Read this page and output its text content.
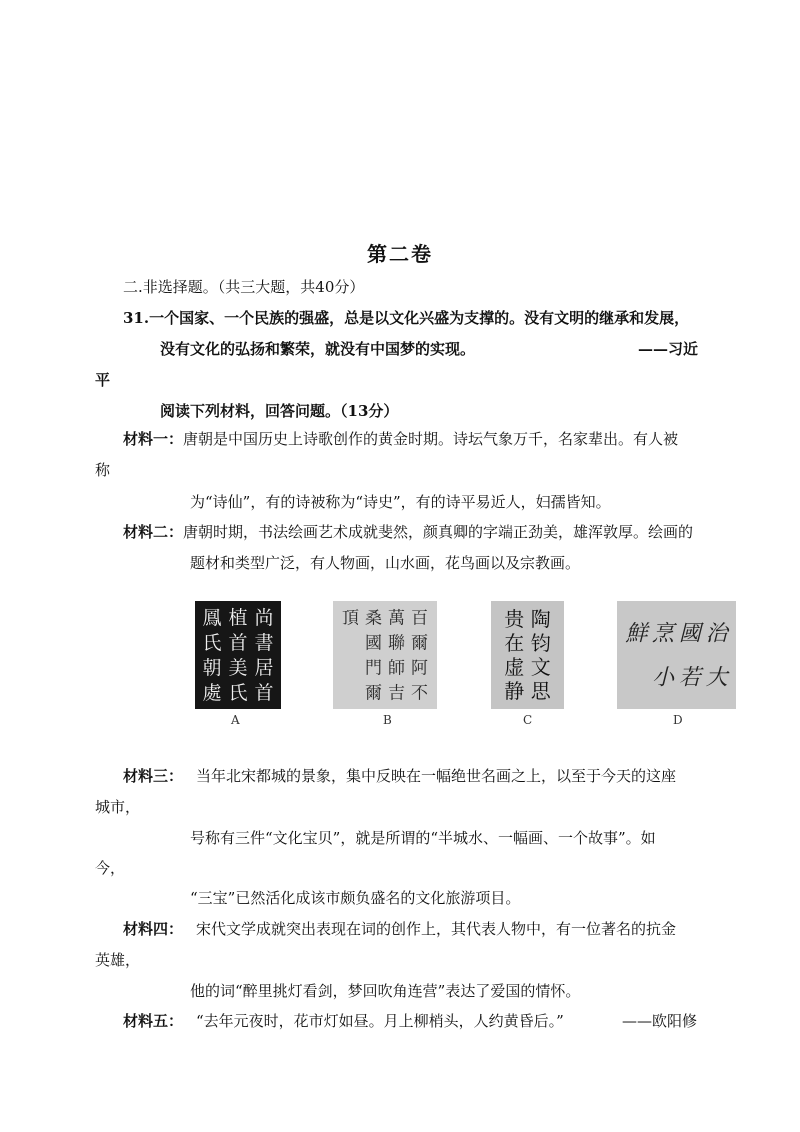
第二卷
二.非选择题。（共三大题，共40分）
31.一个国家、一个民族的强盛，总是以文化兴盛为支撑的。没有文明的继承和发展，
没有文化的弘扬和繁荣，就没有中国梦的实现。	——习近
平
阅读下列材料，回答问题。（13分）
材料一： 唐朝是中国历史上诗歌创作的黄金时期。诗坛气象万千，名家辈出。有人被
称
为“诗仙”，有的诗被称为“诗史”，有的诗平易近人，妇孺皆知。
材料二： 唐朝时期，书法绘画艺术成就斐然，颜真卿的字端正劲美，雄浑敦厚。绘画的
题材和类型广泛，有人物画，山水画，花鸟画以及宗教画。
尚
書
居
首
植
首
美
氏
鳳
氏
朝
處
A
百
爾
阿
不
萬
聯
師
吉
桑
國
門
爾
頂
B
陶
钧
文
思
贵
在
虚
静
C
治
大
國
若
烹
小
鮮
D
材料三： 当年北宋都城的景象，集中反映在一幅绝世名画之上，以至于今天的这座
城市，
号称有三件“文化宝贝”，就是所谓的“半城水、一幅画、一个故事”。如
今，
“三宝”已然活化成该市颇负盛名的文化旅游项目。
材料四： 宋代文学成就突出表现在词的创作上，其代表人物中，有一位著名的抗金
英雄，
他的词“醉里挑灯看剑，梦回吹角连营”表达了爱国的情怀。
材料五： “去年元夜时，花市灯如昼。月上柳梢头，人约黄昏后。”	——欧阳修
